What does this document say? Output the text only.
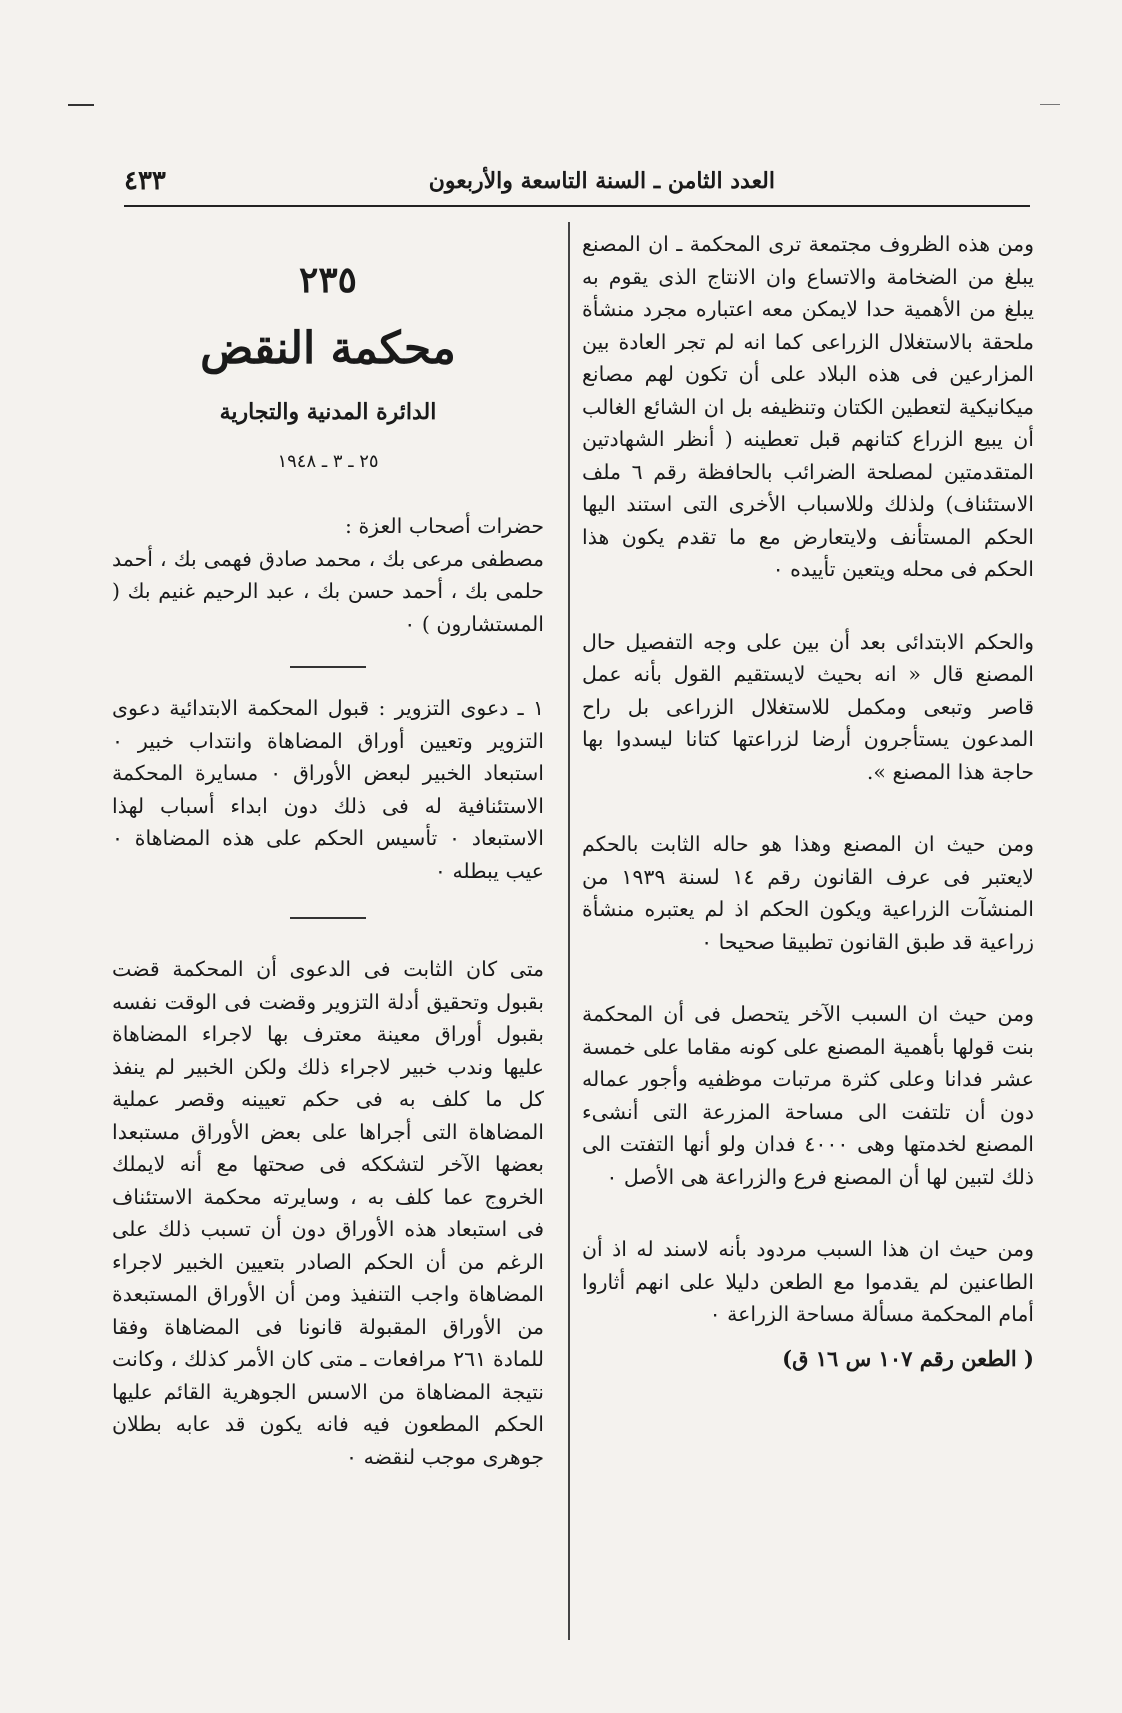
العدد الثامن ـ السنة التاسعة والأربعون
٤٣٣

ومن هذه الظروف مجتمعة ترى المحكمة ـ ان المصنع يبلغ من الضخامة والاتساع وان الانتاج الذى يقوم به يبلغ من الأهمية حدا لايمكن معه اعتباره مجرد منشأة ملحقة بالاستغلال الزراعى كما انه لم تجر العادة بين المزارعين فى هذه البلاد على أن تكون لهم مصانع ميكانيكية لتعطين الكتان وتنظيفه بل ان الشائع الغالب أن يبيع الزراع كتانهم قبل تعطينه ( أنظر الشهادتين المتقدمتين لمصلحة الضرائب بالحافظة رقم ٦ ملف الاستئناف) ولذلك وللاسباب الأخرى التى استند اليها الحكم المستأنف ولايتعارض مع ما تقدم يكون هذا الحكم فى محله ويتعين تأييده ٠

والحكم الابتدائى بعد أن بين على وجه التفصيل حال المصنع قال « انه بحيث لايستقيم القول بأنه عمل قاصر وتبعى ومكمل للاستغلال الزراعى بل راح المدعون يستأجرون أرضا لزراعتها كتانا ليسدوا بها حاجة هذا المصنع ».

ومن حيث ان المصنع وهذا هو حاله الثابت بالحكم لايعتبر فى عرف القانون رقم ١٤ لسنة ١٩٣٩ من المنشآت الزراعية ويكون الحكم اذ لم يعتبره منشأة زراعية قد طبق القانون تطبيقا صحيحا ٠

ومن حيث ان السبب الآخر يتحصل فى أن المحكمة بنت قولها بأهمية المصنع على كونه مقاما على خمسة عشر فدانا وعلى كثرة مرتبات موظفيه وأجور عماله دون أن تلتفت الى مساحة المزرعة التى أنشىء المصنع لخدمتها وهى ٤٠٠٠ فدان ولو أنها التفتت الى ذلك لتبين لها أن المصنع فرع والزراعة هى الأصل ٠

ومن حيث ان هذا السبب مردود بأنه لاسند له اذ أن الطاعنين لم يقدموا مع الطعن دليلا على انهم أثاروا أمام المحكمة مسألة مساحة الزراعة ٠

( الطعن رقم ١٠٧ س ١٦ ق)

٢٣٥
محكمة النقض
الدائرة المدنية والتجارية
٢٥ ـ ٣ ـ ١٩٤٨

حضرات أصحاب العزة :

مصطفى مرعى بك ، محمد صادق فهمى بك ، أحمد حلمى بك ، أحمد حسن بك ، عبد الرحيم غنيم بك ( المستشارون ) ٠

١ ـ دعوى التزوير : قبول المحكمة الابتدائية دعوى التزوير وتعيين أوراق المضاهاة وانتداب خبير ٠ استبعاد الخبير لبعض الأوراق ٠ مسايرة المحكمة الاستئنافية له فى ذلك دون ابداء أسباب لهذا الاستبعاد ٠ تأسيس الحكم على هذه المضاهاة ٠ عيب يبطله ٠

متى كان الثابت فى الدعوى أن المحكمة قضت بقبول وتحقيق أدلة التزوير وقضت فى الوقت نفسه بقبول أوراق معينة معترف بها لاجراء المضاهاة عليها وندب خبير لاجراء ذلك ولكن الخبير لم ينفذ كل ما كلف به فى حكم تعيينه وقصر عملية المضاهاة التى أجراها على بعض الأوراق مستبعدا بعضها الآخر لتشككه فى صحتها مع أنه لايملك الخروج عما كلف به ، وسايرته محكمة الاستئناف فى استبعاد هذه الأوراق دون أن تسبب ذلك على الرغم من أن الحكم الصادر بتعيين الخبير لاجراء المضاهاة واجب التنفيذ ومن أن الأوراق المستبعدة من الأوراق المقبولة قانونا فى المضاهاة وفقا للمادة ٢٦١ مرافعات ـ متى كان الأمر كذلك ، وكانت نتيجة المضاهاة من الاسس الجوهرية القائم عليها الحكم المطعون فيه فانه يكون قد عابه بطلان جوهرى موجب لنقضه ٠
